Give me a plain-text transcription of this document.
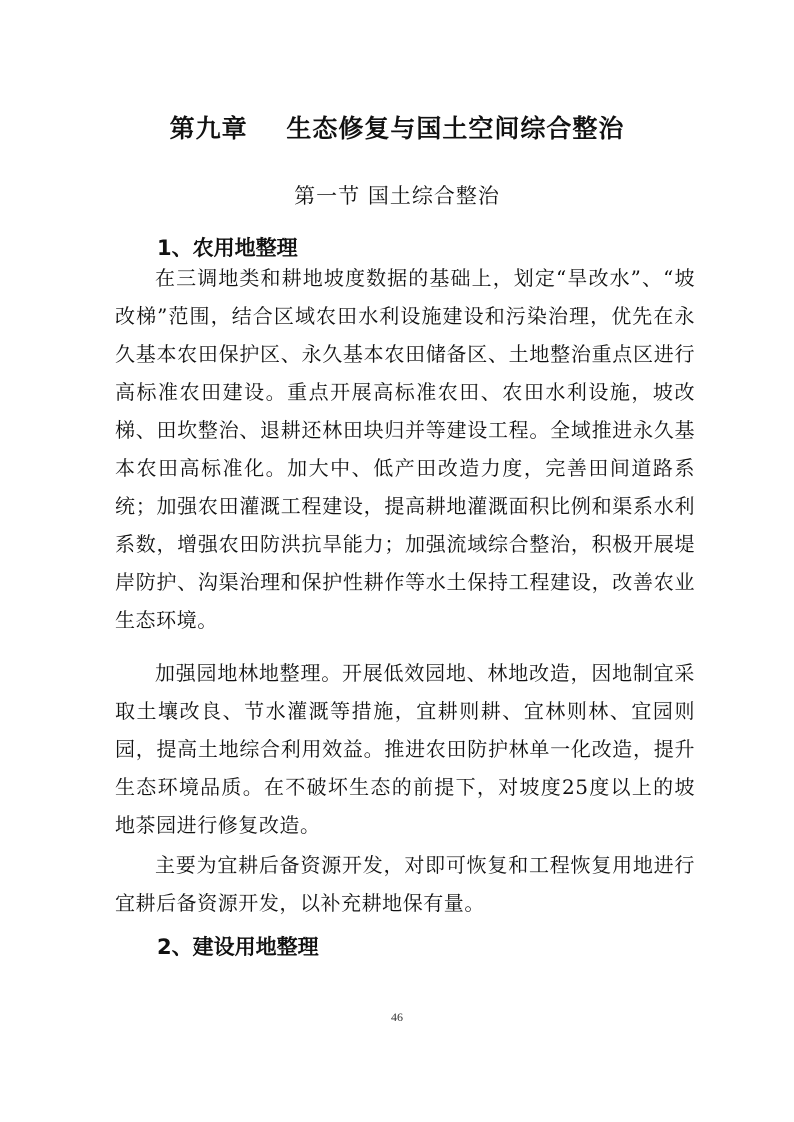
第九章    生态修复与国土空间综合整治
第一节 国土综合整治
1、农用地整理

在三调地类和耕地坡度数据的基础上，划定“旱改水”、“坡改梯”范围，结合区域农田水利设施建设和污染治理，优先在永久基本农田保护区、永久基本农田储备区、土地整治重点区进行高标准农田建设。重点开展高标准农田、农田水利设施，坡改梯、田坎整治、退耕还林田块归并等建设工程。全域推进永久基本农田高标准化。加大中、低产田改造力度，完善田间道路系统；加强农田灌溉工程建设，提高耕地灌溉面积比例和渠系水利系数，增强农田防洪抗旱能力；加强流域综合整治，积极开展堤岸防护、沟渠治理和保护性耕作等水土保持工程建设，改善农业生态环境。

加强园地林地整理。开展低效园地、林地改造，因地制宜采取土壤改良、节水灌溉等措施，宜耕则耕、宜林则林、宜园则园，提高土地综合利用效益。推进农田防护林单一化改造，提升生态环境品质。在不破坏生态的前提下，对坡度25度以上的坡地茶园进行修复改造。

主要为宜耕后备资源开发，对即可恢复和工程恢复用地进行宜耕后备资源开发，以补充耕地保有量。

2、建设用地整理
46
